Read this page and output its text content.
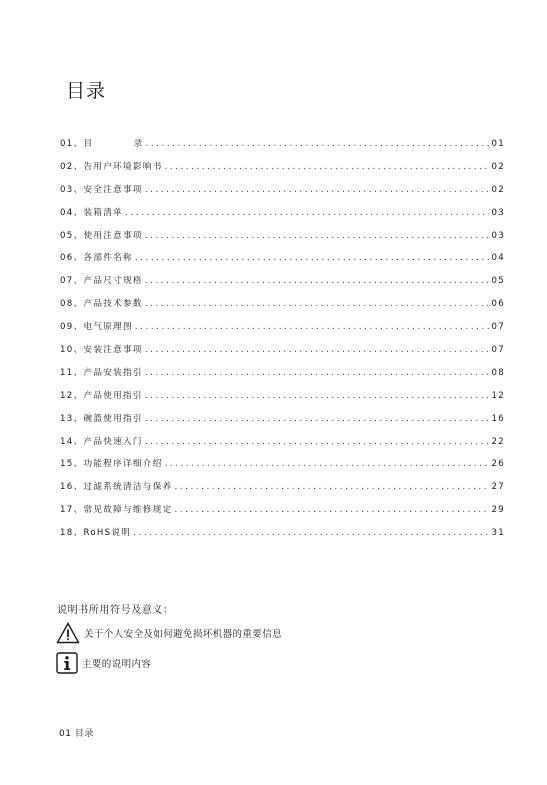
目录
01、 目          录 .....	01
02、 告用户环境影响书 .....	02
03、 安全注意事项 .....	02
04、 装箱清单 .....	03
05、 使用注意事项 .....	03
06、 各部件名称 .....	04
07、 产品尺寸规格 .....	05
08、 产品技术参数 .....	06
09、 电气原理图 .....	07
10、 安装注意事项 .....	07
11、 产品安装指引 .....	08
12、 产品使用指引 .....	12
13、 碗篮使用指引 .....	16
14、 产品快速入门 .....	22
15、 功能程序详细介绍 .....	26
16、 过滤系统清洁与保养 .....	27
17、 常见故障与维修规定 .....	29
18、 RoHS说明 .....	31

说明书所用符号及意义：

关于个人安全及如何避免损坏机器的重要信息
主要的说明内容
01 目录
